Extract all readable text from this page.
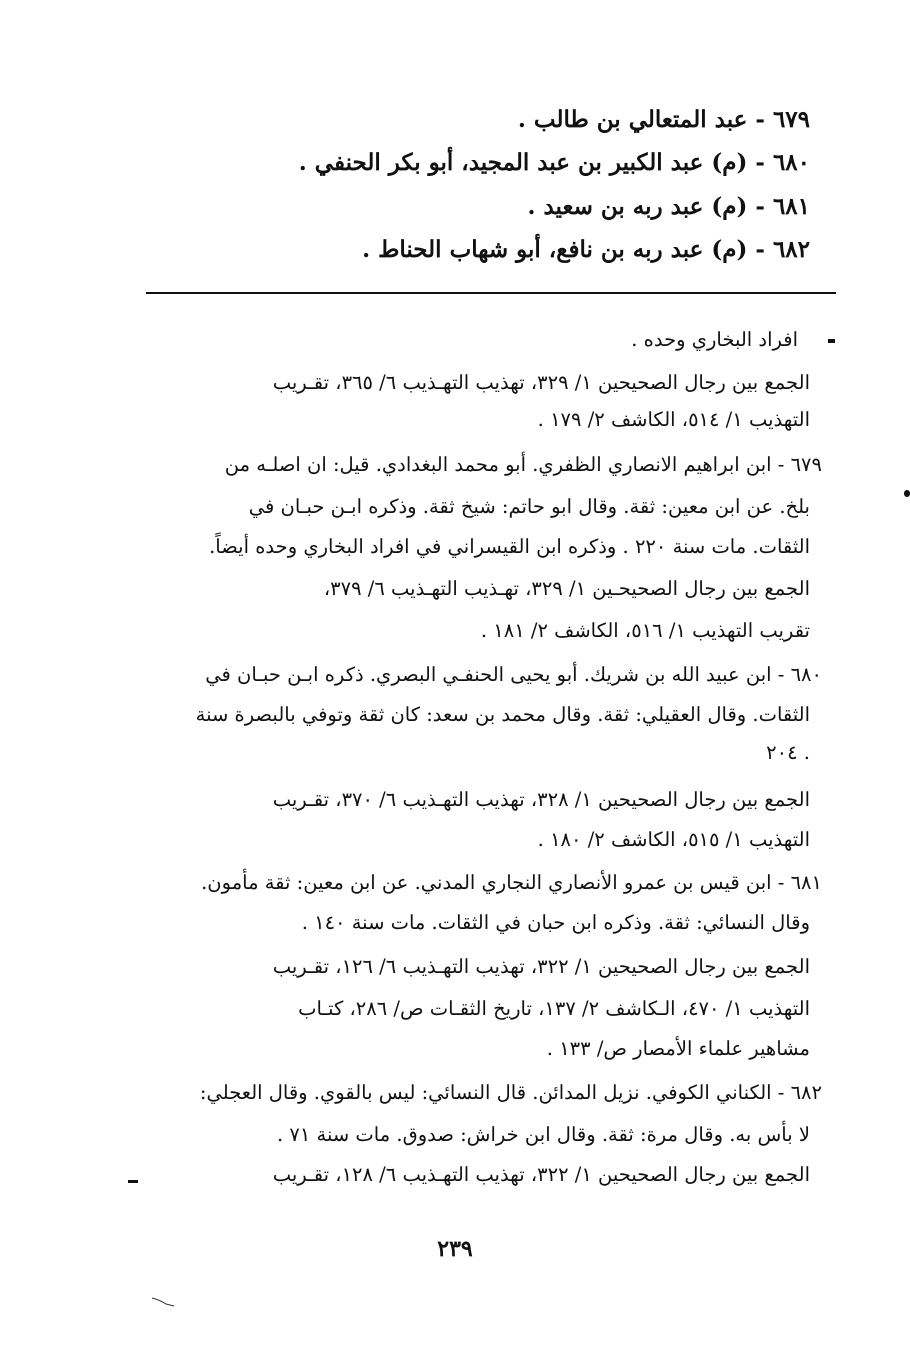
٦٧٩ - عبد المتعالي بن طالب .
٦٨٠ - (م) عبد الكبير بن عبد المجيد، أبو بكر الحنفي .
٦٨١ - (م) عبد ربه بن سعيد .
٦٨٢ - (م) عبد ربه بن نافع، أبو شهاب الحناط .
افراد البخاري وحده .
الجمع بين رجال الصحيحين ١/ ٣٢٩، تهذيب التهـذيب ٦/ ٣٦٥، تقـريب
التهذيب ١/ ٥١٤، الكاشف ٢/ ١٧٩ .
٦٧٩ - ابن ابراهيم الانصاري الظفري. أبو محمد البغدادي. قيل: ان اصلـه من
بلخ. عن ابن معين: ثقة. وقال ابو حاتم: شيخ ثقة. وذكره ابـن حبـان في
الثقات. مات سنة ٢٢٠ . وذكره ابن القيسراني في افراد البخاري وحده أيضاً.
الجمع بين رجال الصحيحـين ١/ ٣٢٩، تهـذيب التهـذيب ٦/ ٣٧٩،
تقريب التهذيب ١/ ٥١٦، الكاشف ٢/ ١٨١ .
٦٨٠ - ابن عبيد الله بن شريك. أبو يحيى الحنفـي البصري. ذكره ابـن حبـان في
الثقات. وقال العقيلي: ثقة. وقال محمد بن سعد: كان ثقة وتوفي بالبصرة سنة
٢٠٤ .
الجمع بين رجال الصحيحين ١/ ٣٢٨، تهذيب التهـذيب ٦/ ٣٧٠، تقـريب
التهذيب ١/ ٥١٥، الكاشف ٢/ ١٨٠ .
٦٨١ - ابن قيس بن عمرو الأنصاري النجاري المدني. عن ابن معين: ثقة مأمون.
وقال النسائي: ثقة. وذكره ابن حبان في الثقات. مات سنة ١٤٠ .
الجمع بين رجال الصحيحين ١/ ٣٢٢، تهذيب التهـذيب ٦/ ١٢٦، تقـريب
التهذيب ١/ ٤٧٠، الـكاشف ٢/ ١٣٧، تاريخ الثقـات ص/ ٢٨٦، كتـاب
مشاهير علماء الأمصار ص/ ١٣٣ .
٦٨٢ - الكناني الكوفي. نزيل المدائن. قال النسائي: ليس بالقوي. وقال العجلي:
لا بأس به. وقال مرة: ثقة. وقال ابن خراش: صدوق. مات سنة ٧١ .
الجمع بين رجال الصحيحين ١/ ٣٢٢، تهذيب التهـذيب ٦/ ١٢٨، تقـريب
٢٣٩
